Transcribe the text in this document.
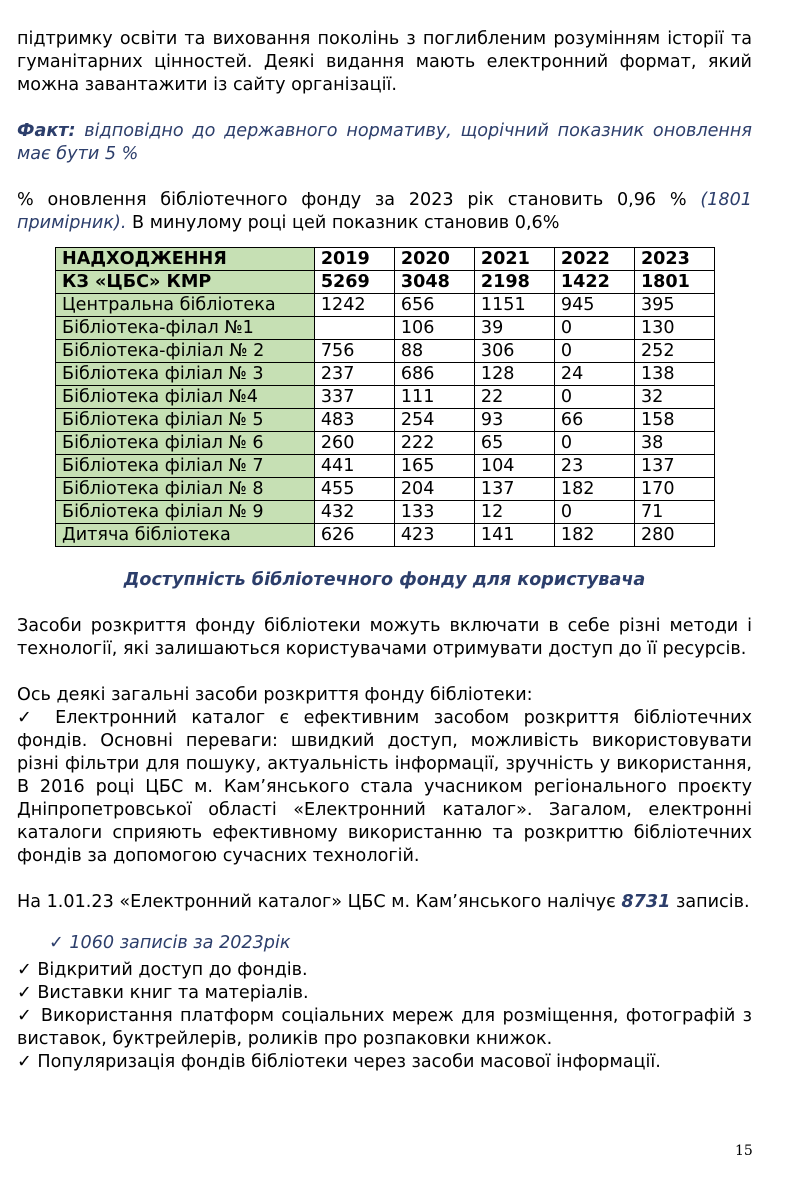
підтримку освіти та виховання поколінь з поглибленим розумінням історії та гуманітарних цінностей. Деякі видання мають електронний формат, який можна завантажити із сайту організації.

Факт: відповідно до державного нормативу, щорічний показник оновлення має бути 5 %

% оновлення бібліотечного фонду за 2023 рік становить 0,96 % (1801 примірник). В минулому році цей показник становив 0,6%

НАДХОДЖЕННЯ	2019	2020	2021	2022	2023
КЗ «ЦБС» КМР	5269	3048	2198	1422	1801
Центральна бібліотека	1242	656	1151	945	395
Бібліотека-філал №1		106	39	0	130
Бібліотека-філіал № 2	756	88	306	0	252
Бібліотека філіал № 3	237	686	128	24	138
Бібліотека філіал №4	337	111	22	0	32
Бібліотека філіал № 5	483	254	93	66	158
Бібліотека філіал № 6	260	222	65	0	38
Бібліотека філіал № 7	441	165	104	23	137
Бібліотека філіал № 8	455	204	137	182	170
Бібліотека філіал № 9	432	133	12	0	71
Дитяча бібліотека	626	423	141	182	280

Доступність бібліотечного фонду для користувача

Засоби розкриття фонду бібліотеки можуть включати в себе різні методи і технології, які залишаються користувачами отримувати доступ до її ресурсів.

Ось деякі загальні засоби розкриття фонду бібліотеки:

✓ Електронний каталог є ефективним засобом розкриття бібліотечних фондів. Основні переваги: швидкий доступ, можливість використовувати різні фільтри для пошуку, актуальність інформації, зручність у використання, В 2016 році ЦБС м. Кам’янського стала учасником регіонального проєкту Дніпропетровської області «Електронний каталог». Загалом, електронні каталоги сприяють ефективному використанню та розкриттю бібліотечних фондів за допомогою сучасних технологій.

На 1.01.23 «Електронний каталог» ЦБС м. Кам’янського налічує 8731 записів.

✓ 1060 записів за 2023рік

✓ Відкритий доступ до фондів.

✓ Виставки книг та матеріалів.

✓ Використання платформ соціальних мереж для розміщення, фотографій з виставок, буктрейлерів, роликів про розпаковки книжок.

✓ Популяризація фондів бібліотеки через засоби масової інформації.

15
